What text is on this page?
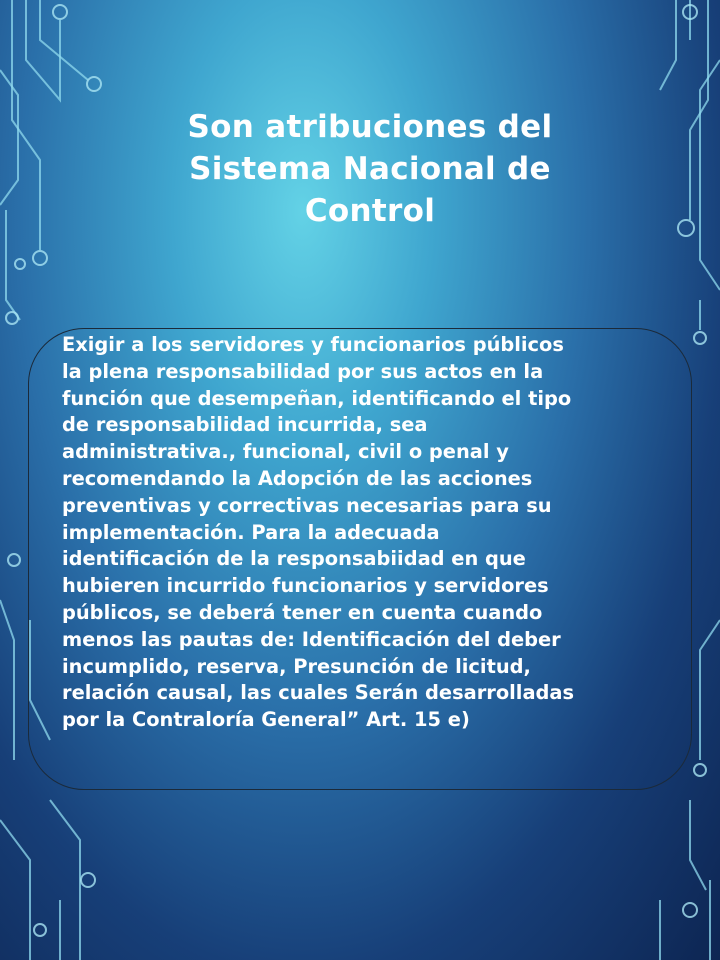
Son atribuciones del Sistema Nacional de Control
Exigir a los servidores y funcionarios públicos
la plena responsabilidad por sus actos en la
función que desempeñan, identificando el tipo
de responsabilidad incurrida, sea
administrativa., funcional, civil o penal y
recomendando la Adopción de las acciones
preventivas y correctivas necesarias para su
implementación. Para la adecuada
identificación de la responsabiidad en que
hubieren incurrido funcionarios y servidores
públicos, se deberá tener en cuenta cuando
menos las pautas de: Identificación del deber
incumplido, reserva, Presunción de licitud,
relación causal, las cuales Serán desarrolladas
por la Contraloría General” Art. 15 e)
